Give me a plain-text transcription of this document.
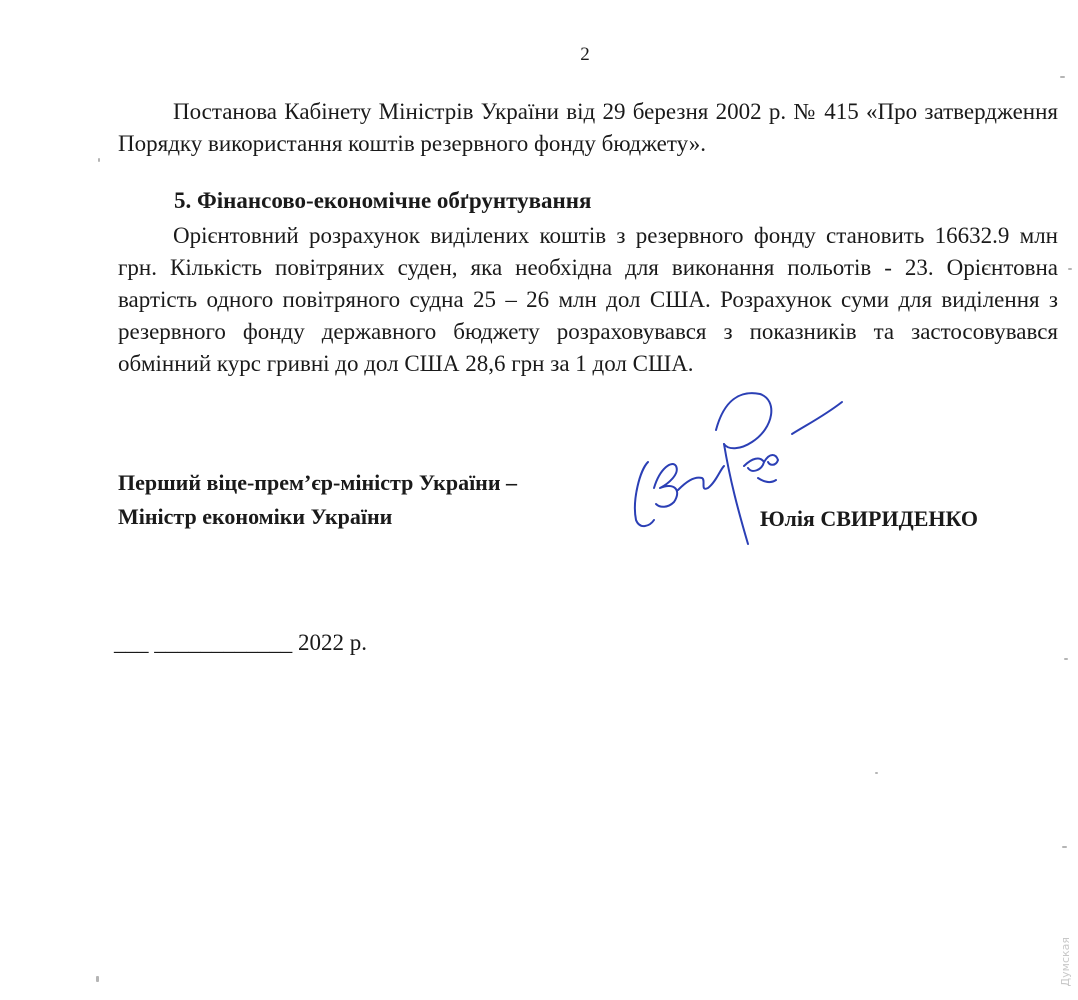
2

Постанова Кабінету Міністрів України від 29 березня 2002 р. № 415 «Про затвердження Порядку використання коштів резервного фонду бюджету».

5. Фінансово-економічне обґрунтування

Орієнтовний розрахунок виділених коштів з резервного фонду становить 16632.9 млн грн. Кількість повітряних суден, яка необхідна для виконання польотів - 23. Орієнтовна вартість одного повітряного судна 25 – 26 млн дол США. Розрахунок суми для виділення з резервного фонду державного бюджету розраховувався з показників та застосовувався обмінний курс гривні до дол США 28,6 грн за 1 дол США.

Перший віце-прем’єр-міністр України –
Міністр економіки України	Юлія СВИРИДЕНКО
___ ____________ 2022 р.
Думская
